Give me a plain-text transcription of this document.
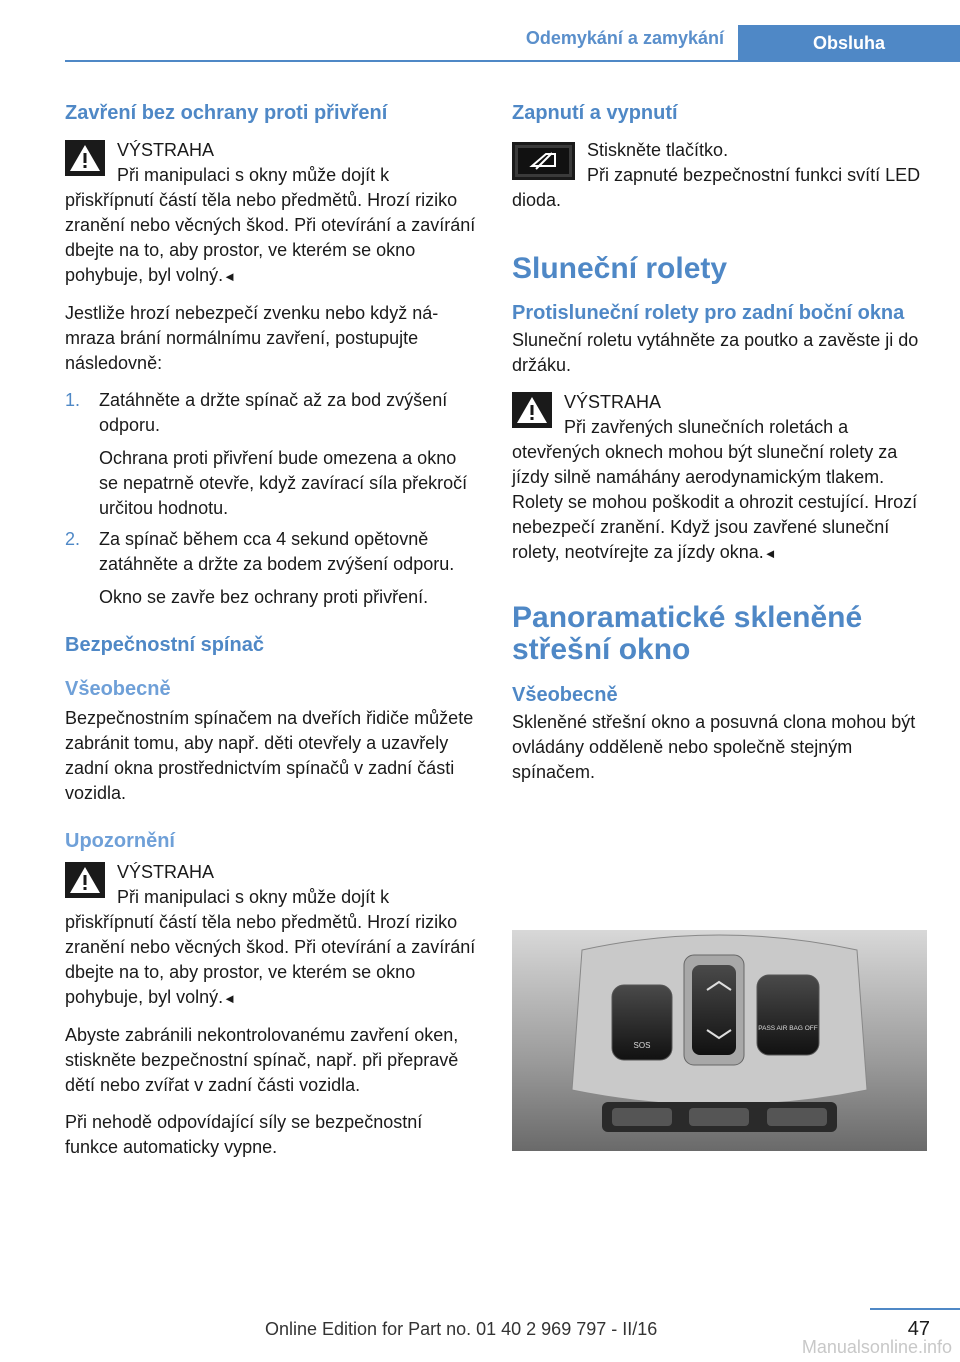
Odemykání a zamykání	Obsluha
Zavření bez ochrany proti přivření
VÝSTRAHA
Při manipulaci s okny může dojít k přiskřípnutí částí těla nebo předmětů. Hrozí riziko zranění nebo věcných škod. Při otevírání a zavírání dbejte na to, aby prostor, ve kterém se okno pohybuje, byl volný.◄

Jestliže hrozí nebezpečí zvenku nebo když námraza brání normálnímu zavření, postupujte následovně:

1. Zatáhněte a držte spínač až za bod zvýšení odporu.
Ochrana proti přivření bude omezena a okno se nepatrně otevře, když zavírací síla překročí určitou hodnotu.
2. Za spínač během cca 4 sekund opětovně zatáhněte a držte za bodem zvýšení odporu.
Okno se zavře bez ochrany proti přivření.
Bezpečnostní spínač
Všeobecně

Bezpečnostním spínačem na dveřích řidiče můžete zabránit tomu, aby např. děti otevřely a uzavřely zadní okna prostřednictvím spínačů v zadní části vozidla.

Upozornění
VÝSTRAHA
Při manipulaci s okny může dojít k přiskřípnutí částí těla nebo předmětů. Hrozí riziko zranění nebo věcných škod. Při otevírání a zavírání dbejte na to, aby prostor, ve kterém se okno pohybuje, byl volný.◄

Abyste zabránili nekontrolovanému zavření oken, stiskněte bezpečnostní spínač, např. při přepravě dětí nebo zvířat v zadní části vozidla.

Při nehodě odpovídající síly se bezpečnostní funkce automaticky vypne.

Zapnutí a vypnutí
Stiskněte tlačítko.
Při zapnuté bezpečnostní funkci svítí LED dioda.
Sluneční rolety
Protisluneční rolety pro zadní boční okna

Sluneční roletu vytáhněte za poutko a zavěste ji do držáku.

VÝSTRAHA
Při zavřených slunečních roletách a otevřených oknech mohou být sluneční rolety za jízdy silně namáhány aerodynamickým tlakem. Rolety se mohou poškodit a ohrozit cestující. Hrozí nebezpečí zranění. Když jsou zavřené sluneční rolety, neotvírejte za jízdy okna.◄
Panoramatické skleněné střešní okno
Všeobecně

Skleněné střešní okno a posuvná clona mohou být ovládány odděleně nebo společně stejným spínačem.

SOS
PASS AIR BAG OFF
47
Online Edition for Part no. 01 40 2 969 797 - II/16
Manualsonline.info
